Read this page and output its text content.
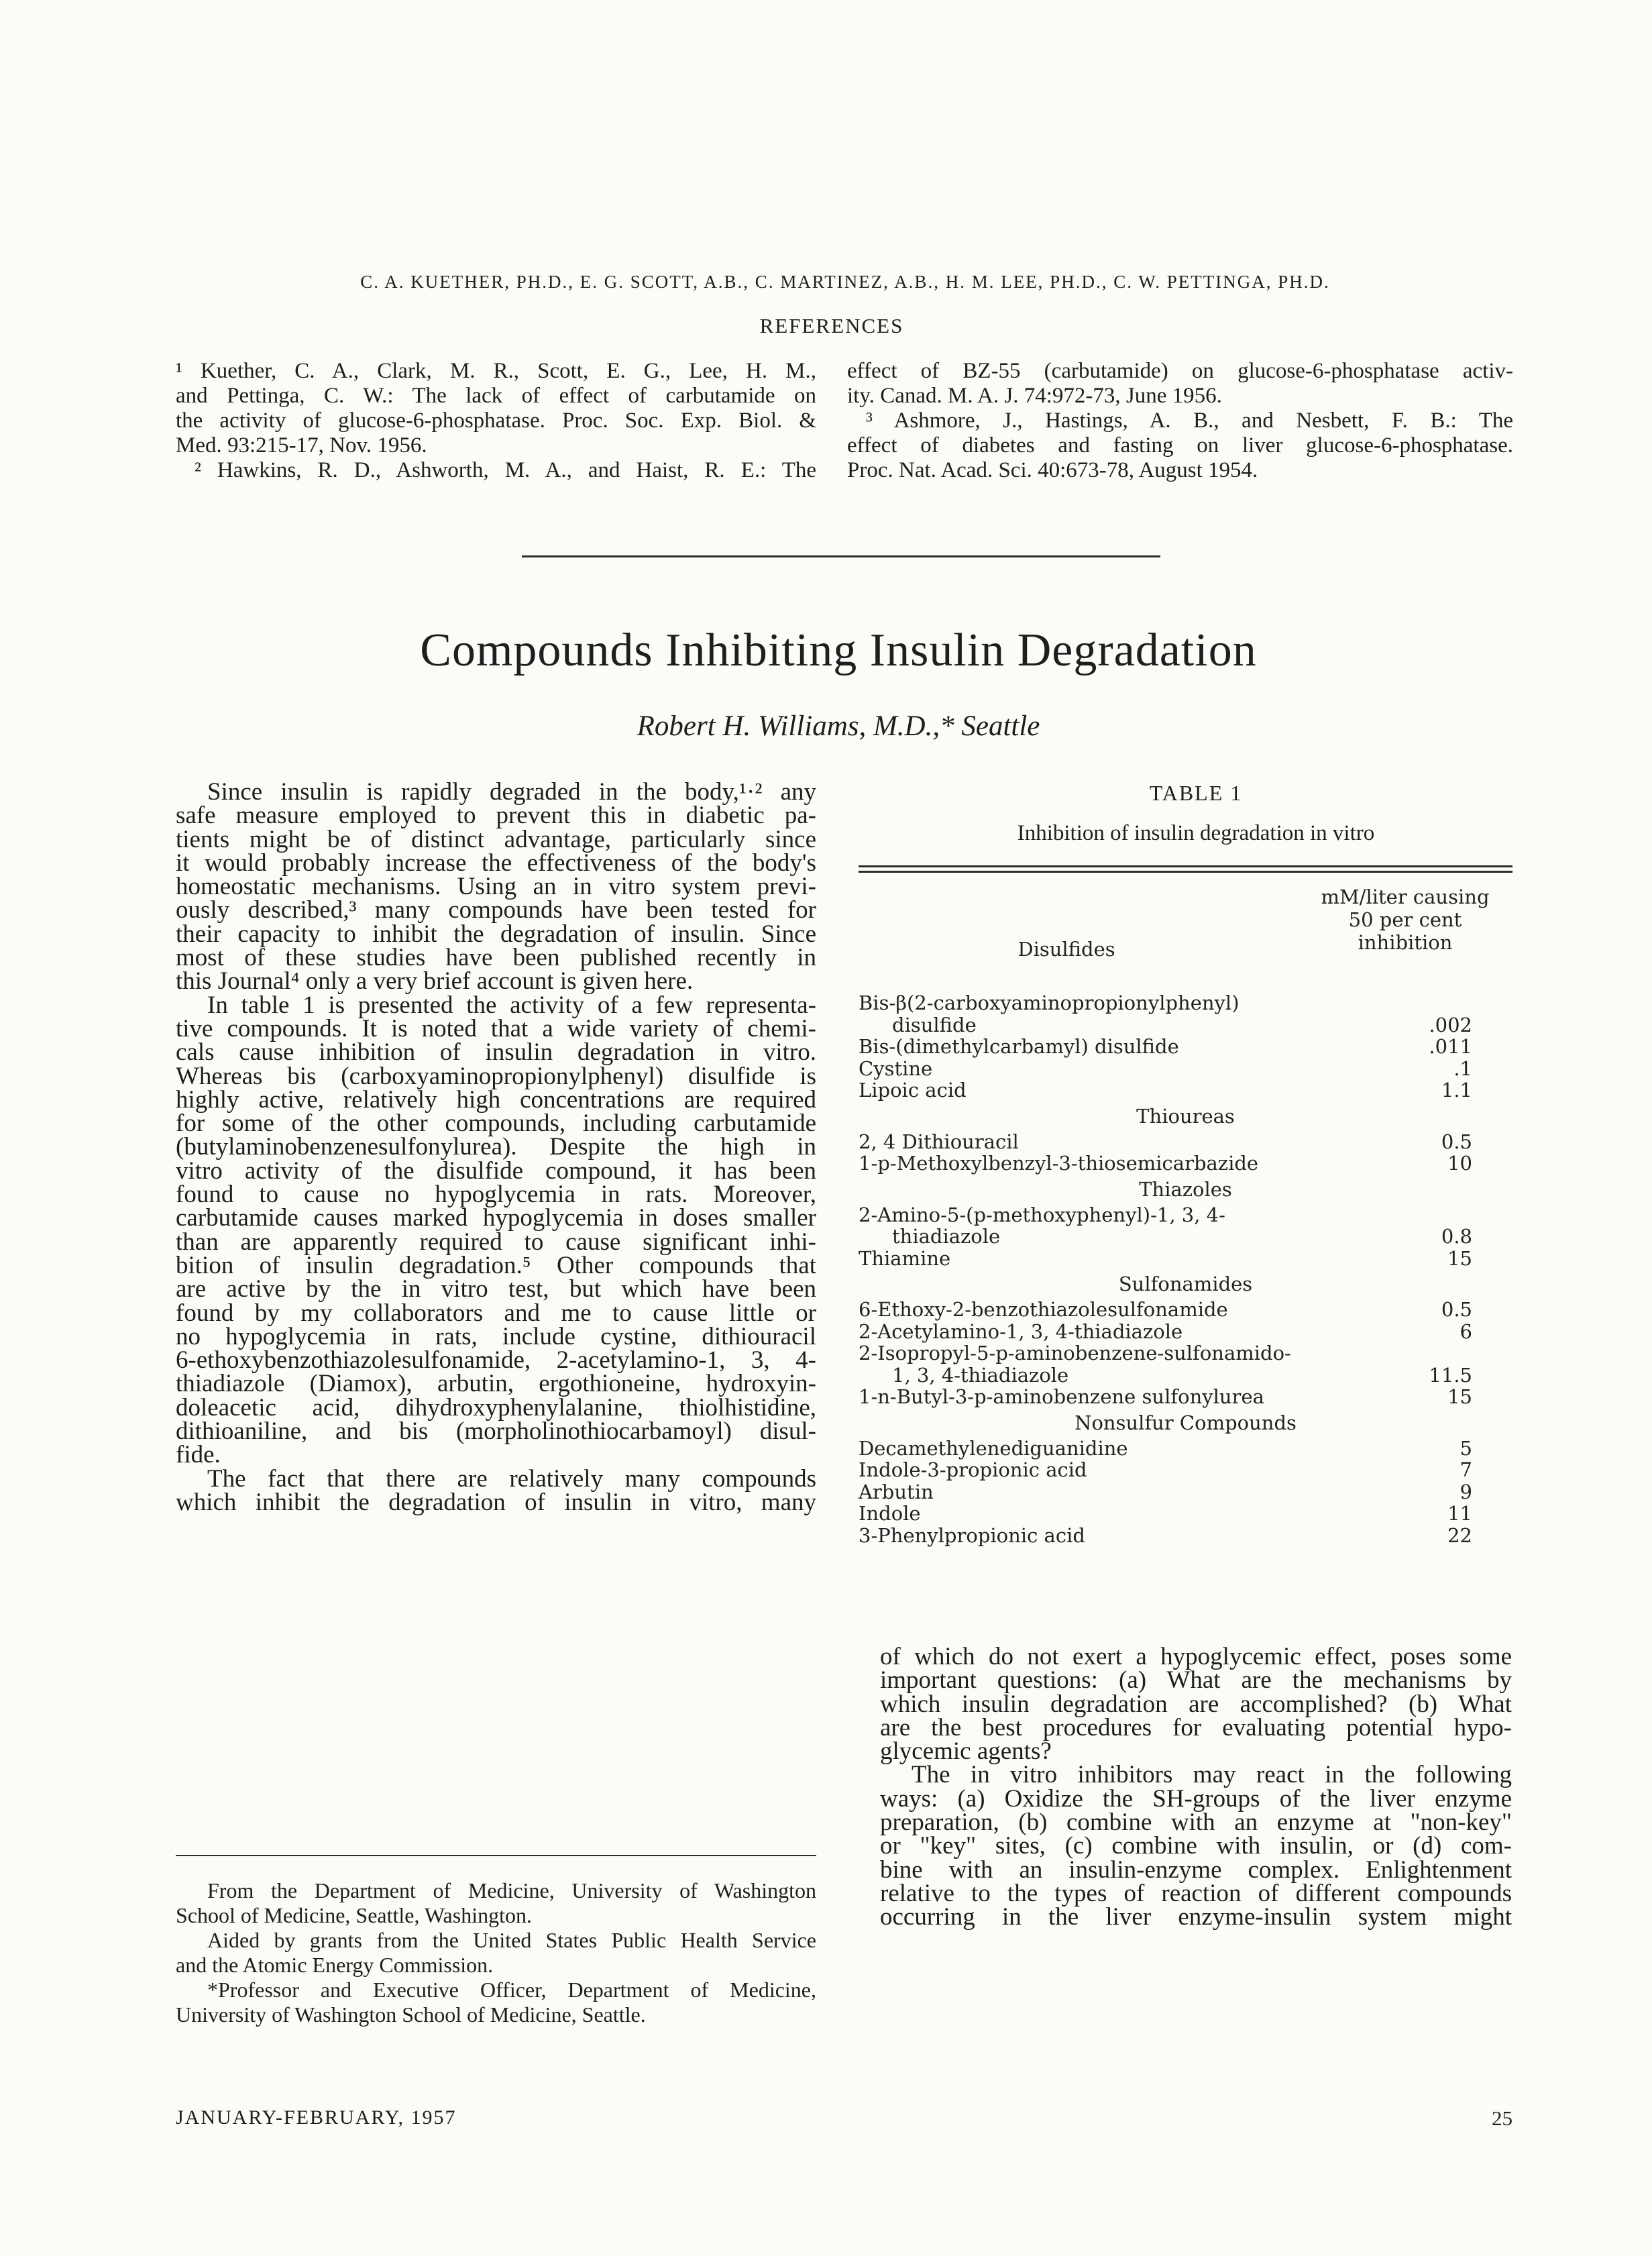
C. A. KUETHER, PH.D., E. G. SCOTT, A.B., C. MARTINEZ, A.B., H. M. LEE, PH.D., C. W. PETTINGA, PH.D.
REFERENCES
¹ Kuether, C. A., Clark, M. R., Scott, E. G., Lee, H. M.,
and Pettinga, C. W.: The lack of effect of carbutamide on
the activity of glucose-6-phosphatase. Proc. Soc. Exp. Biol. &
Med. 93:215-17, Nov. 1956.
² Hawkins, R. D., Ashworth, M. A., and Haist, R. E.: The
effect of BZ-55 (carbutamide) on glucose-6-phosphatase activ-
ity. Canad. M. A. J. 74:972-73, June 1956.
³ Ashmore, J., Hastings, A. B., and Nesbett, F. B.: The
effect of diabetes and fasting on liver glucose-6-phosphatase.
Proc. Nat. Acad. Sci. 40:673-78, August 1954.
Compounds Inhibiting Insulin Degradation
Robert H. Williams, M.D.,* Seattle
Since insulin is rapidly degraded in the body,¹·² any
safe measure employed to prevent this in diabetic pa-
tients might be of distinct advantage, particularly since
it would probably increase the effectiveness of the body's
homeostatic mechanisms. Using an in vitro system previ-
ously described,³ many compounds have been tested for
their capacity to inhibit the degradation of insulin. Since
most of these studies have been published recently in
this Journal⁴ only a very brief account is given here.
In table 1 is presented the activity of a few representa-
tive compounds. It is noted that a wide variety of chemi-
cals cause inhibition of insulin degradation in vitro.
Whereas bis (carboxyaminopropionylphenyl) disulfide is
highly active, relatively high concentrations are required
for some of the other compounds, including carbutamide
(butylaminobenzenesulfonylurea). Despite the high in
vitro activity of the disulfide compound, it has been
found to cause no hypoglycemia in rats. Moreover,
carbutamide causes marked hypoglycemia in doses smaller
than are apparently required to cause significant inhi-
bition of insulin degradation.⁵ Other compounds that
are active by the in vitro test, but which have been
found by my collaborators and me to cause little or
no hypoglycemia in rats, include cystine, dithiouracil
6-ethoxybenzothiazolesulfonamide, 2-acetylamino-1, 3, 4-
thiadiazole (Diamox), arbutin, ergothioneine, hydroxyin-
doleacetic acid, dihydroxyphenylalanine, thiolhistidine,
dithioaniline, and bis (morpholinothiocarbamoyl) disul-
fide.
The fact that there are relatively many compounds
which inhibit the degradation of insulin in vitro, many
of which do not exert a hypoglycemic effect, poses some
important questions: (a) What are the mechanisms by
which insulin degradation are accomplished? (b) What
are the best procedures for evaluating potential hypo-
glycemic agents?
The in vitro inhibitors may react in the following
ways: (a) Oxidize the SH-groups of the liver enzyme
preparation, (b) combine with an enzyme at "non-key"
or "key" sites, (c) combine with insulin, or (d) com-
bine with an insulin-enzyme complex. Enlightenment
relative to the types of reaction of different compounds
occurring in the liver enzyme-insulin system might
TABLE 1
Inhibition of insulin degradation in vitro
mM/liter causing
50 per cent
inhibition
Disulfides
Bis-β(2-carboxyaminopropionylphenyl)
disulfide	.002
Bis-(dimethylcarbamyl) disulfide	.011
Cystine	.1
Lipoic acid	1.1
Thioureas
2, 4 Dithiouracil	0.5
1-p-Methoxylbenzyl-3-thiosemicarbazide	10
Thiazoles
2-Amino-5-(p-methoxyphenyl)-1, 3, 4-
thiadiazole	0.8
Thiamine	15
Sulfonamides
6-Ethoxy-2-benzothiazolesulfonamide	0.5
2-Acetylamino-1, 3, 4-thiadiazole	6
2-Isopropyl-5-p-aminobenzene-sulfonamido-
1, 3, 4-thiadiazole	11.5
1-n-Butyl-3-p-aminobenzene sulfonylurea	15
Nonsulfur Compounds
Decamethylenediguanidine	5
Indole-3-propionic acid	7
Arbutin	9
Indole	11
3-Phenylpropionic acid	22
From the Department of Medicine, University of Washington
School of Medicine, Seattle, Washington.
Aided by grants from the United States Public Health Service
and the Atomic Energy Commission.
*Professor and Executive Officer, Department of Medicine,
University of Washington School of Medicine, Seattle.
JANUARY-FEBRUARY, 1957	25
